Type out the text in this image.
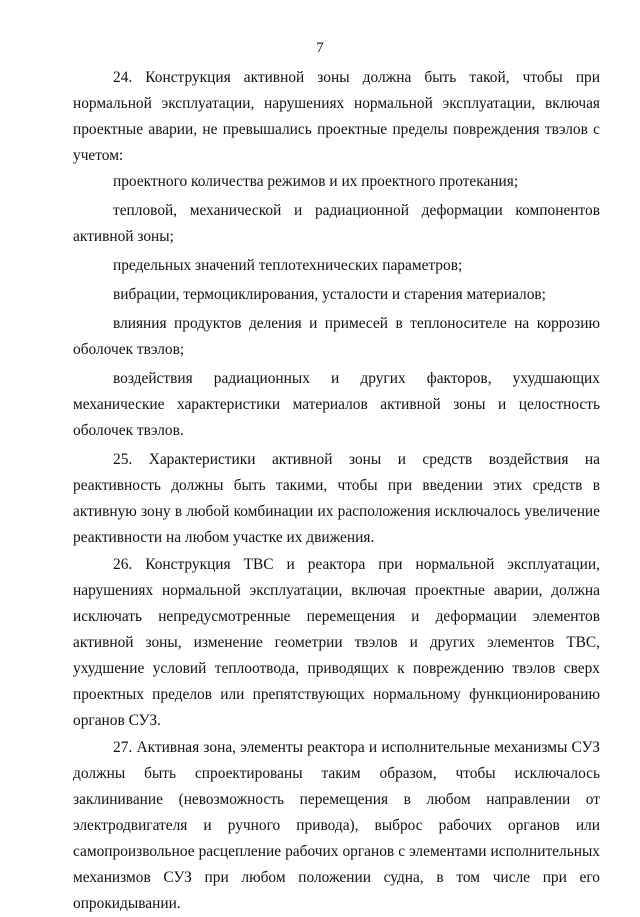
7

24. Конструкция активной зоны должна быть такой, чтобы при нормальной эксплуатации, нарушениях нормальной эксплуатации, включая проектные аварии, не превышались проектные пределы повреждения твэлов с учетом:

проектного количества режимов и их проектного протекания;

тепловой, механической и радиационной деформации компонентов активной зоны;

предельных значений теплотехнических параметров;

вибрации, термоциклирования, усталости и старения материалов;

влияния продуктов деления и примесей в теплоносителе на коррозию оболочек твэлов;

воздействия радиационных и других факторов, ухудшающих механические характеристики материалов активной зоны и целостность оболочек твэлов.

25. Характеристики активной зоны и средств воздействия на реактивность должны быть такими, чтобы при введении этих средств в активную зону в любой комбинации их расположения исключалось увеличение реактивности на любом участке их движения.

26. Конструкция ТВС и реактора при нормальной эксплуатации, нарушениях нормальной эксплуатации, включая проектные аварии, должна исключать непредусмотренные перемещения и деформации элементов активной зоны, изменение геометрии твэлов и других элементов ТВС, ухудшение условий теплоотвода, приводящих к повреждению твэлов сверх проектных пределов или препятствующих нормальному функционированию органов СУЗ.

27. Активная зона, элементы реактора и исполнительные механизмы СУЗ должны быть спроектированы таким образом, чтобы исключалось заклинивание (невозможность перемещения в любом направлении от электродвигателя и ручного привода), выброс рабочих органов или самопроизвольное расцепление рабочих органов с элементами исполнительных механизмов СУЗ при любом положении судна, в том числе при его опрокидывании.
